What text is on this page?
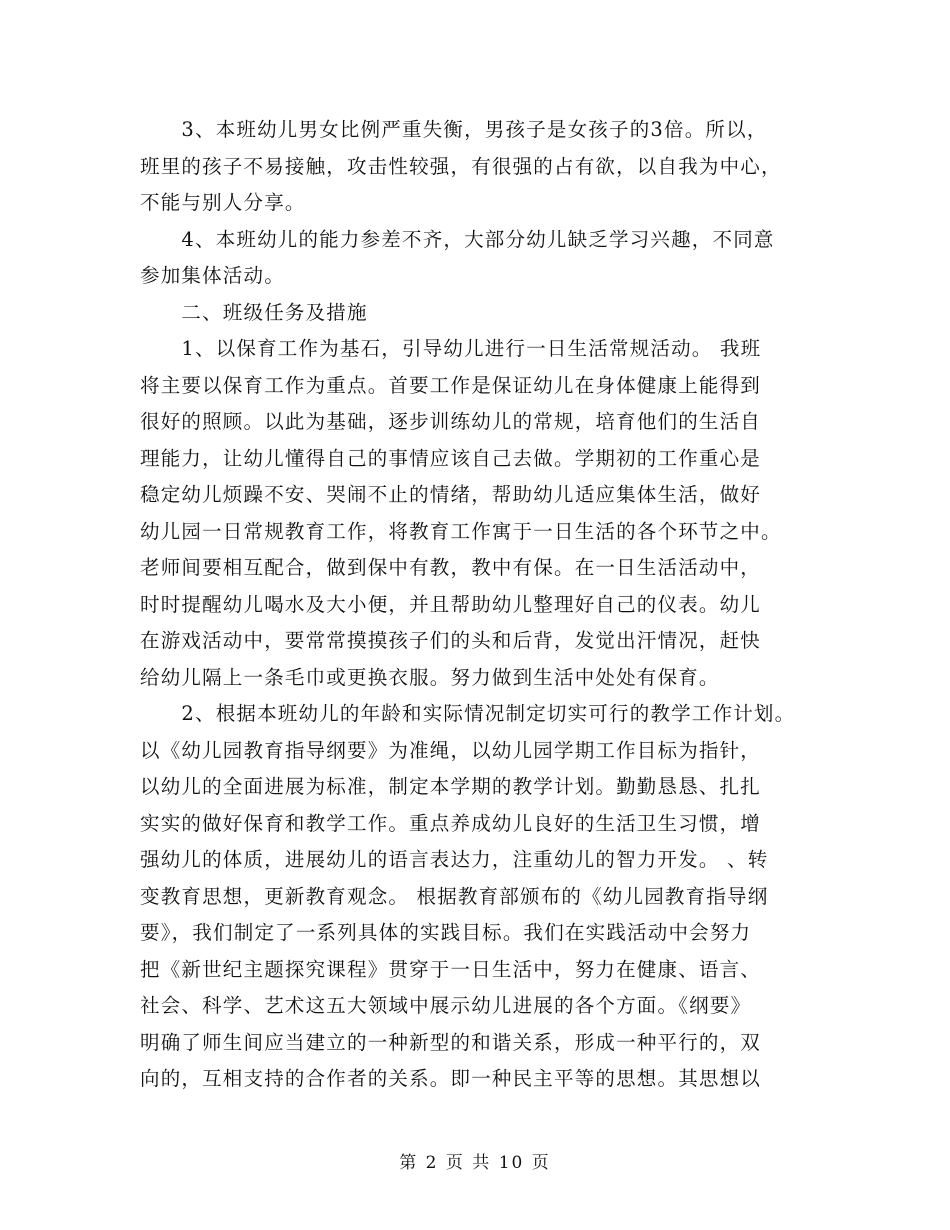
　　3、本班幼儿男女比例严重失衡，男孩子是女孩子的3倍。所以，
班里的孩子不易接触，攻击性较强，有很强的占有欲，以自我为中心，
不能与别人分享。
　　4、本班幼儿的能力参差不齐，大部分幼儿缺乏学习兴趣，不同意
参加集体活动。
　　二、班级任务及措施
　　1、以保育工作为基石，引导幼儿进行一日生活常规活动。 我班
将主要以保育工作为重点。首要工作是保证幼儿在身体健康上能得到
很好的照顾。以此为基础，逐步训练幼儿的常规，培育他们的生活自
理能力，让幼儿懂得自己的事情应该自己去做。学期初的工作重心是
稳定幼儿烦躁不安、哭闹不止的情绪，帮助幼儿适应集体生活，做好
幼儿园一日常规教育工作，将教育工作寓于一日生活的各个环节之中。
老师间要相互配合，做到保中有教，教中有保。在一日生活活动中，
时时提醒幼儿喝水及大小便，并且帮助幼儿整理好自己的仪表。幼儿
在游戏活动中，要常常摸摸孩子们的头和后背，发觉出汗情况，赶快
给幼儿隔上一条毛巾或更换衣服。努力做到生活中处处有保育。
　　2、根据本班幼儿的年龄和实际情况制定切实可行的教学工作计划。
以《幼儿园教育指导纲要》为准绳，以幼儿园学期工作目标为指针，
以幼儿的全面进展为标准，制定本学期的教学计划。勤勤恳恳、扎扎
实实的做好保育和教学工作。重点养成幼儿良好的生活卫生习惯，增
强幼儿的体质，进展幼儿的语言表达力，注重幼儿的智力开发。 、转
变教育思想，更新教育观念。 根据教育部颁布的《幼儿园教育指导纲
要》，我们制定了一系列具体的实践目标。我们在实践活动中会努力
把《新世纪主题探究课程》贯穿于一日生活中，努力在健康、语言、
社会、科学、艺术这五大领域中展示幼儿进展的各个方面。《纲要》
明确了师生间应当建立的一种新型的和谐关系，形成一种平行的，双
向的，互相支持的合作者的关系。即一种民主平等的思想。其思想以
第 2 页 共 10 页
